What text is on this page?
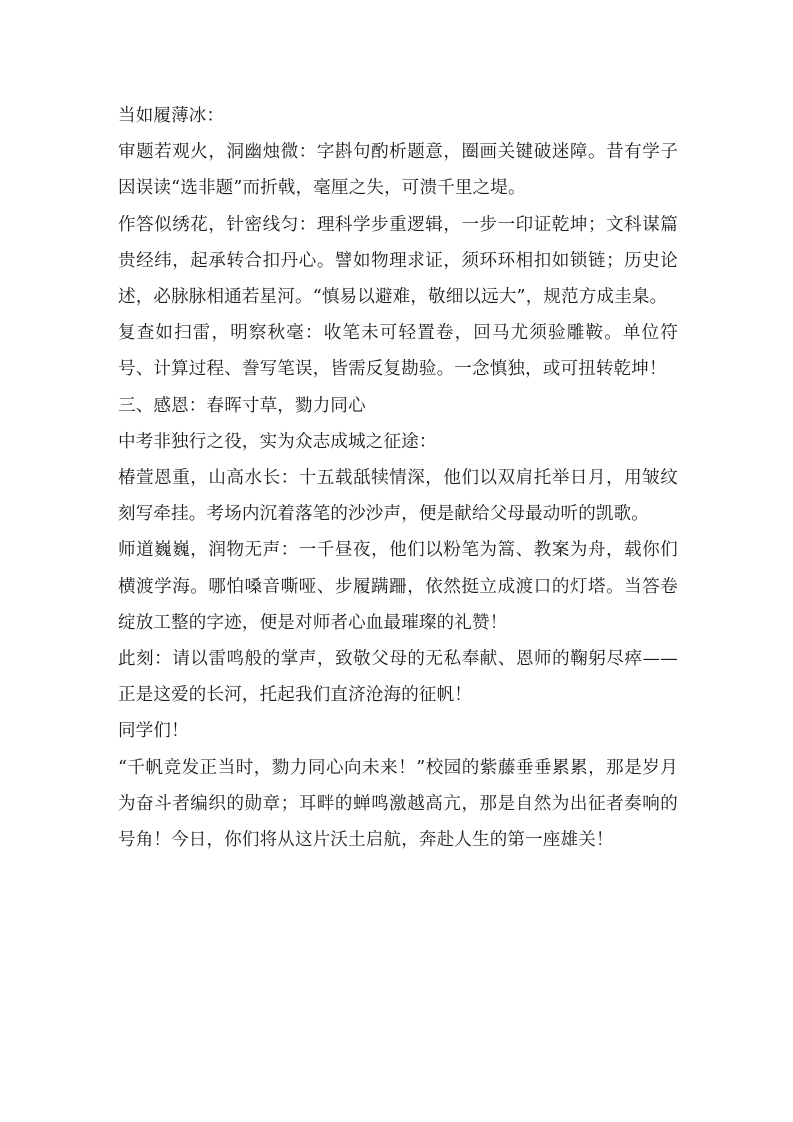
当如履薄冰：

审题若观火，洞幽烛微：字斟句酌析题意，圈画关键破迷障。昔有学子因误读“选非题”而折戟，毫厘之失，可溃千里之堤。

作答似绣花，针密线匀：理科学步重逻辑，一步一印证乾坤；文科谋篇贵经纬，起承转合扣丹心。譬如物理求证，须环环相扣如锁链；历史论述，必脉脉相通若星河。“慎易以避难，敬细以远大”，规范方成圭臬。

复查如扫雷，明察秋毫：收笔未可轻置卷，回马尤须验雕鞍。单位符号、计算过程、誊写笔误，皆需反复勘验。一念慎独，或可扭转乾坤！

三、感恩：春晖寸草，勠力同心

中考非独行之役，实为众志成城之征途：

椿萱恩重，山高水长：十五载舐犊情深，他们以双肩托举日月，用皱纹刻写牵挂。考场内沉着落笔的沙沙声，便是献给父母最动听的凯歌。

师道巍巍，润物无声：一千昼夜，他们以粉笔为篙、教案为舟，载你们横渡学海。哪怕嗓音嘶哑、步履蹒跚，依然挺立成渡口的灯塔。当答卷绽放工整的字迹，便是对师者心血最璀璨的礼赞！

此刻：请以雷鸣般的掌声，致敬父母的无私奉献、恩师的鞠躬尽瘁——正是这爱的长河，托起我们直济沧海的征帆！

同学们！

“千帆竞发正当时，勠力同心向未来！”校园的紫藤垂垂累累，那是岁月为奋斗者编织的勋章；耳畔的蝉鸣激越高亢，那是自然为出征者奏响的号角！今日，你们将从这片沃土启航，奔赴人生的第一座雄关！
